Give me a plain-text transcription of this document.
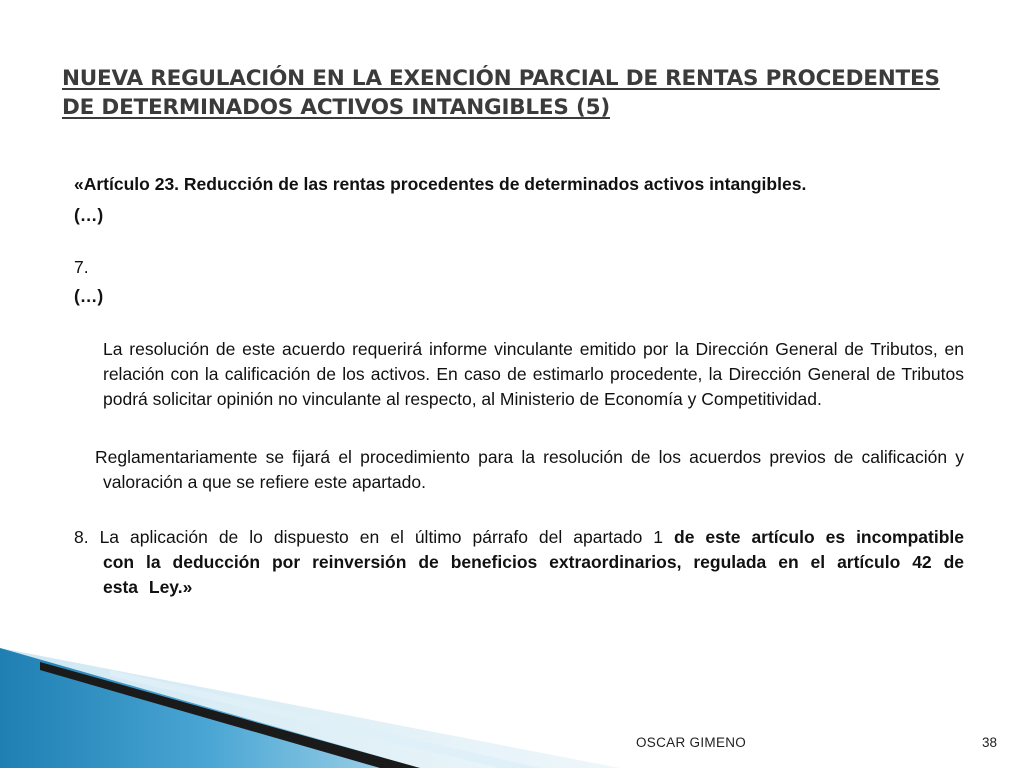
NUEVA REGULACIÓN EN LA EXENCIÓN PARCIAL DE RENTAS PROCEDENTES
DE DETERMINADOS ACTIVOS INTANGIBLES (5)

«Artículo 23. Reducción de las rentas procedentes de determinados activos intangibles.

(…)

7.

(…)

La resolución de este acuerdo requerirá informe vinculante emitido por la Dirección General de Tributos, en relación con la calificación de los activos. En caso de estimarlo procedente, la Dirección General de Tributos podrá solicitar opinión no vinculante al respecto, al Ministerio de Economía y Competitividad.

Reglamentariamente se fijará el procedimiento para la resolución de los acuerdos previos de calificación y valoración a que se refiere este apartado.

8. La aplicación de lo dispuesto en el último párrafo del apartado 1 de este artículo es incompatible con la deducción por reinversión de beneficios extraordinarios, regulada en el artículo 42 de esta Ley.»

OSCAR GIMENO	38
